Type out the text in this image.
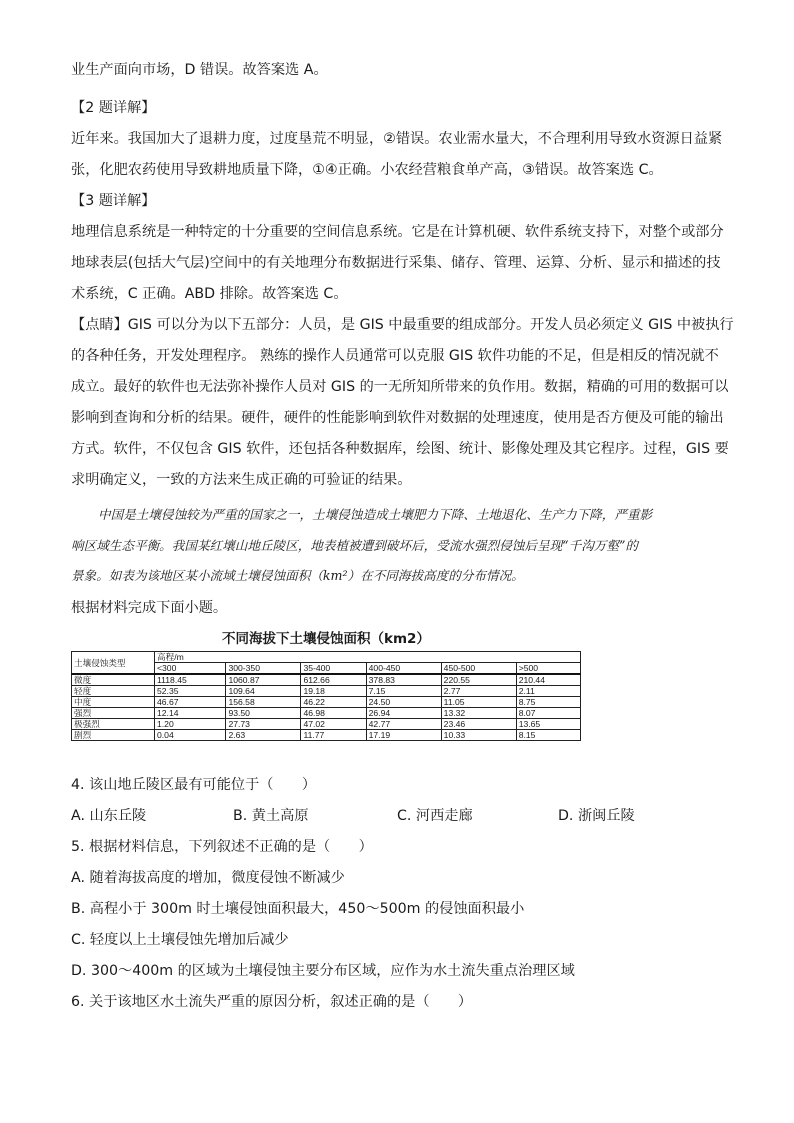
业生产面向市场，D 错误。故答案选 A。
【2 题详解】
近年来。我国加大了退耕力度，过度垦荒不明显，②错误。农业需水量大，不合理利用导致水资源日益紧
张，化肥农药使用导致耕地质量下降，①④正确。小农经营粮食单产高，③错误。故答案选 C。
【3 题详解】
地理信息系统是一种特定的十分重要的空间信息系统。它是在计算机硬、软件系统支持下，对整个或部分
地球表层(包括大气层)空间中的有关地理分布数据进行采集、储存、管理、运算、分析、显示和描述的技
术系统，C 正确。ABD 排除。故答案选 C。
【点睛】GIS 可以分为以下五部分：人员，是 GIS 中最重要的组成部分。开发人员必须定义 GIS 中被执行
的各种任务，开发处理程序。 熟练的操作人员通常可以克服 GIS 软件功能的不足，但是相反的情况就不
成立。最好的软件也无法弥补操作人员对 GIS 的一无所知所带来的负作用。数据，精确的可用的数据可以
影响到查询和分析的结果。硬件，硬件的性能影响到软件对数据的处理速度，使用是否方便及可能的输出
方式。软件，不仅包含 GIS 软件，还包括各种数据库，绘图、统计、影像处理及其它程序。过程，GIS 要
求明确定义，一致的方法来生成正确的可验证的结果。
中国是土壤侵蚀较为严重的国家之一，土壤侵蚀造成土壤肥力下降、土地退化、生产力下降，严重影
响区域生态平衡。我国某红壤山地丘陵区，地表植被遭到破坏后，受流水强烈侵蚀后呈现“千沟万壑”的
景象。如表为该地区某小流域土壤侵蚀面积（km²）在不同海拔高度的分布情况。
根据材料完成下面小题。
不同海拔下土壤侵蚀面积（km2）
土壤侵蚀类型	高程/m					
	<300	300-350	35-400	400-450	450-500	>500
微度	1118.45	1060.87	612.66	378.83	220.55	210.44
轻度	52.35	109.64	19.18	7.15	2.77	2.11
中度	46.67	156.58	46.22	24.50	11.05	8.75
强烈	12.14	93.50	46.98	26.94	13.32	8.07
极强烈	1.20	27.73	47.02	42.77	23.46	13.65
剧烈	0.04	2.63	11.77	17.19	10.33	8.15
4. 该山地丘陵区最有可能位于（　　）
A. 山东丘陵	B. 黄土高原	C. 河西走廊	D. 浙闽丘陵
5. 根据材料信息，下列叙述不正确的是（　　）
A. 随着海拔高度的增加，微度侵蚀不断减少
B. 高程小于 300m 时土壤侵蚀面积最大，450～500m 的侵蚀面积最小
C. 轻度以上土壤侵蚀先增加后减少
D. 300～400m 的区域为土壤侵蚀主要分布区域，应作为水土流失重点治理区域
6. 关于该地区水土流失严重的原因分析，叙述正确的是（　　）
